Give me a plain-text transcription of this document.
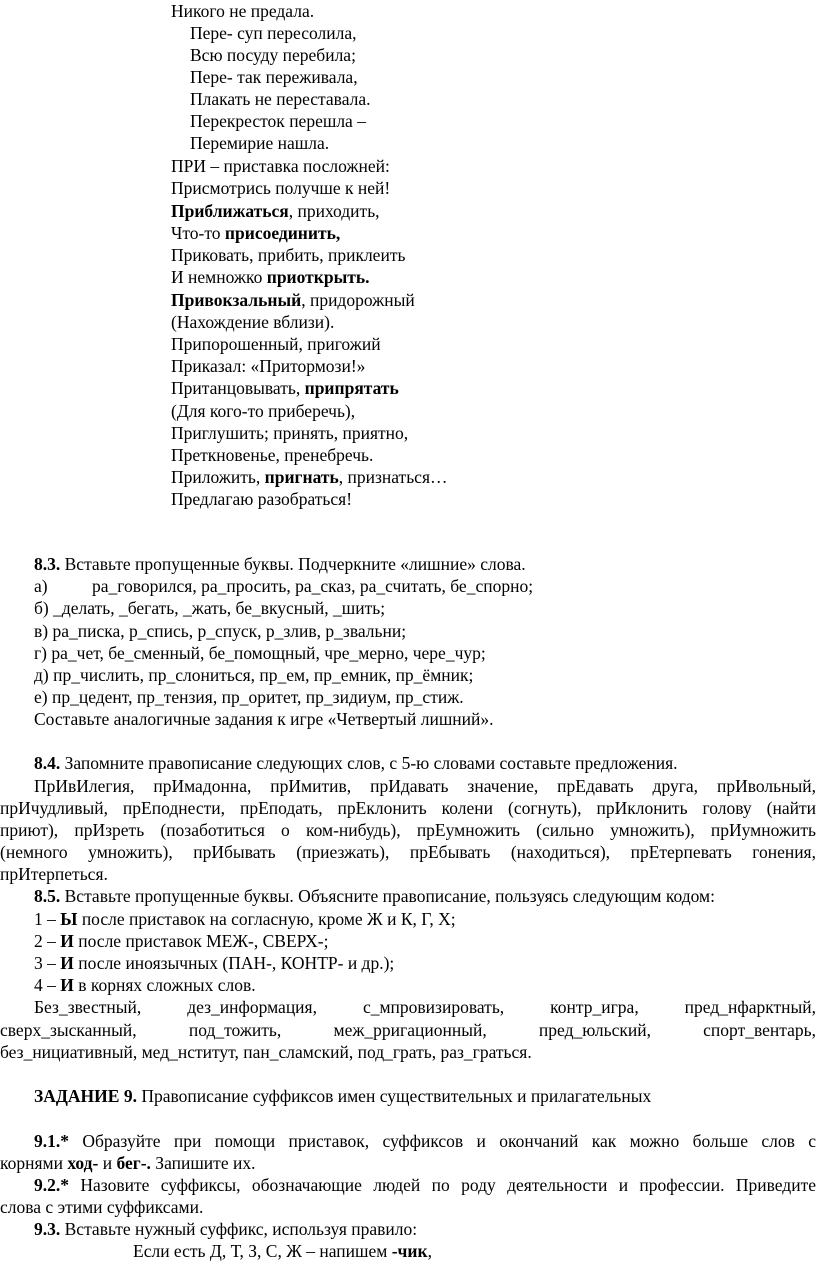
Никого не предала.
Пере- суп пересолила,
Всю посуду перебила;
Пере- так переживала,
Плакать не переставала.
Перекресток перешла –
Перемирие нашла.
ПРИ – приставка посложней:
Присмотрись получше к ней!
Приближаться, приходить,
Что-то присоединить,
Приковать, прибить, приклеить
И немножко приоткрыть.
Привокзальный, придорожный
(Нахождение вблизи).
Припорошенный, пригожий
Приказал: «Притормози!»
Пританцовывать, припрятать
(Для кого-то приберечь),
Приглушить; принять, приятно,
Преткновенье, пренебречь.
Приложить, пригнать, признаться…
Предлагаю разобраться!
8.3. Вставьте пропущенные буквы. Подчеркните «лишние» слова.
а)	ра_говорился, ра_просить, ра_сказ, ра_считать, бе_спорно;
б) _делать, _бегать, _жать, бе_вкусный, _шить;
в) ра_писка, р_спись, р_спуск, р_злив, р_звальни;
г) ра_чет, бе_сменный, бе_помощный, чре_мерно, чере_чур;
д) пр_числить, пр_слониться, пр_ем, пр_емник, пр_ёмник;
е) пр_цедент, пр_тензия, пр_оритет, пр_зидиум, пр_стиж.
Составьте аналогичные задания к игре «Четвертый лишний».
8.4. Запомните правописание следующих слов, с 5-ю словами составьте предложения.
ПрИвИлегия, прИмадонна, прИмитив, прИдавать значение, прЕдавать друга, прИвольный,
прИчудливый, прЕподнести, прЕподать, прЕклонить колени (согнуть), прИклонить голову (найти
приют), прИзреть (позаботиться о ком-нибудь), прЕумножить (сильно умножить), прИумножить
(немного умножить), прИбывать (приезжать), прЕбывать (находиться), прЕтерпевать гонения,
прИтерпеться.
8.5. Вставьте пропущенные буквы. Объясните правописание, пользуясь следующим кодом:
1 – Ы после приставок на согласную, кроме Ж и К, Г, Х;
2 – И после приставок МЕЖ-, СВЕРХ-;
3 – И после иноязычных (ПАН-, КОНТР- и др.);
4 – И в корнях сложных слов.
Без_звестный, дез_информация, с_мпровизировать, контр_игра, пред_нфарктный,
сверх_зысканный, под_тожить, меж_рригационный, пред_юльский, спорт_вентарь,
без_нициативный, мед_нститут, пан_сламский, под_грать, раз_граться.
ЗАДАНИЕ 9. Правописание суффиксов имен существительных и прилагательных
9.1.* Образуйте при помощи приставок, суффиксов и окончаний как можно больше слов с
корнями ход- и бег-. Запишите их.
9.2.* Назовите суффиксы, обозначающие людей по роду деятельности и профессии. Приведите
слова с этими суффиксами.
9.3. Вставьте нужный суффикс, используя правило:
Если есть Д, Т, З, С, Ж – напишем -чик,
